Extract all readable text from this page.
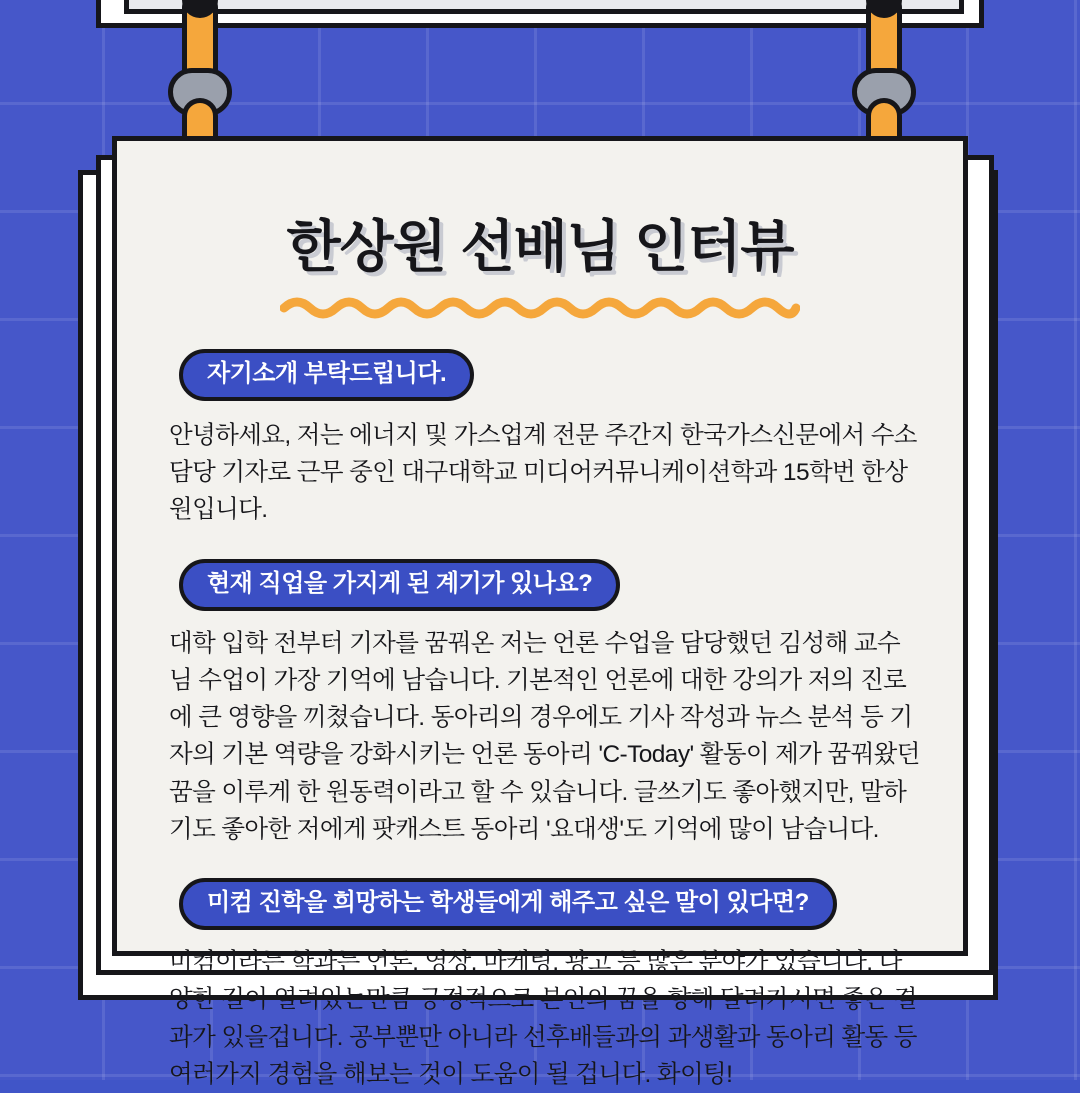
한상원 선배님 인터뷰
자기소개 부탁드립니다.

안녕하세요, 저는 에너지 및 가스업계 전문 주간지 한국가스신문에서 수소 담당 기자로 근무 중인 대구대학교 미디어커뮤니케이션학과 15학번 한상원입니다.

현재 직업을 가지게 된 계기가 있나요?

대학 입학 전부터 기자를 꿈꿔온 저는 언론 수업을 담당했던 김성해 교수님 수업이 가장 기억에 남습니다. 기본적인 언론에 대한 강의가 저의 진로에 큰 영향을 끼쳤습니다. 동아리의 경우에도 기사 작성과 뉴스 분석 등 기자의 기본 역량을 강화시키는 언론 동아리 'C-Today' 활동이 제가 꿈꿔왔던 꿈을 이루게 한 원동력이라고 할 수 있습니다. 글쓰기도 좋아했지만, 말하기도 좋아한 저에게 팟캐스트 동아리 '요대생'도 기억에 많이 남습니다.

미컴 진학을 희망하는 학생들에게 해주고 싶은 말이 있다면?

미컴이라는 학과는 언론, 영상, 마케팅, 광고 등 많은 분야가 있습니다. 다양한 길이 열려있는만큼 긍정적으로 본인의 꿈을 향해 달려가시면 좋은 결과가 있을겁니다. 공부뿐만 아니라 선후배들과의 과생활과 동아리 활동 등 여러가지 경험을 해보는 것이 도움이 될 겁니다. 화이팅!
